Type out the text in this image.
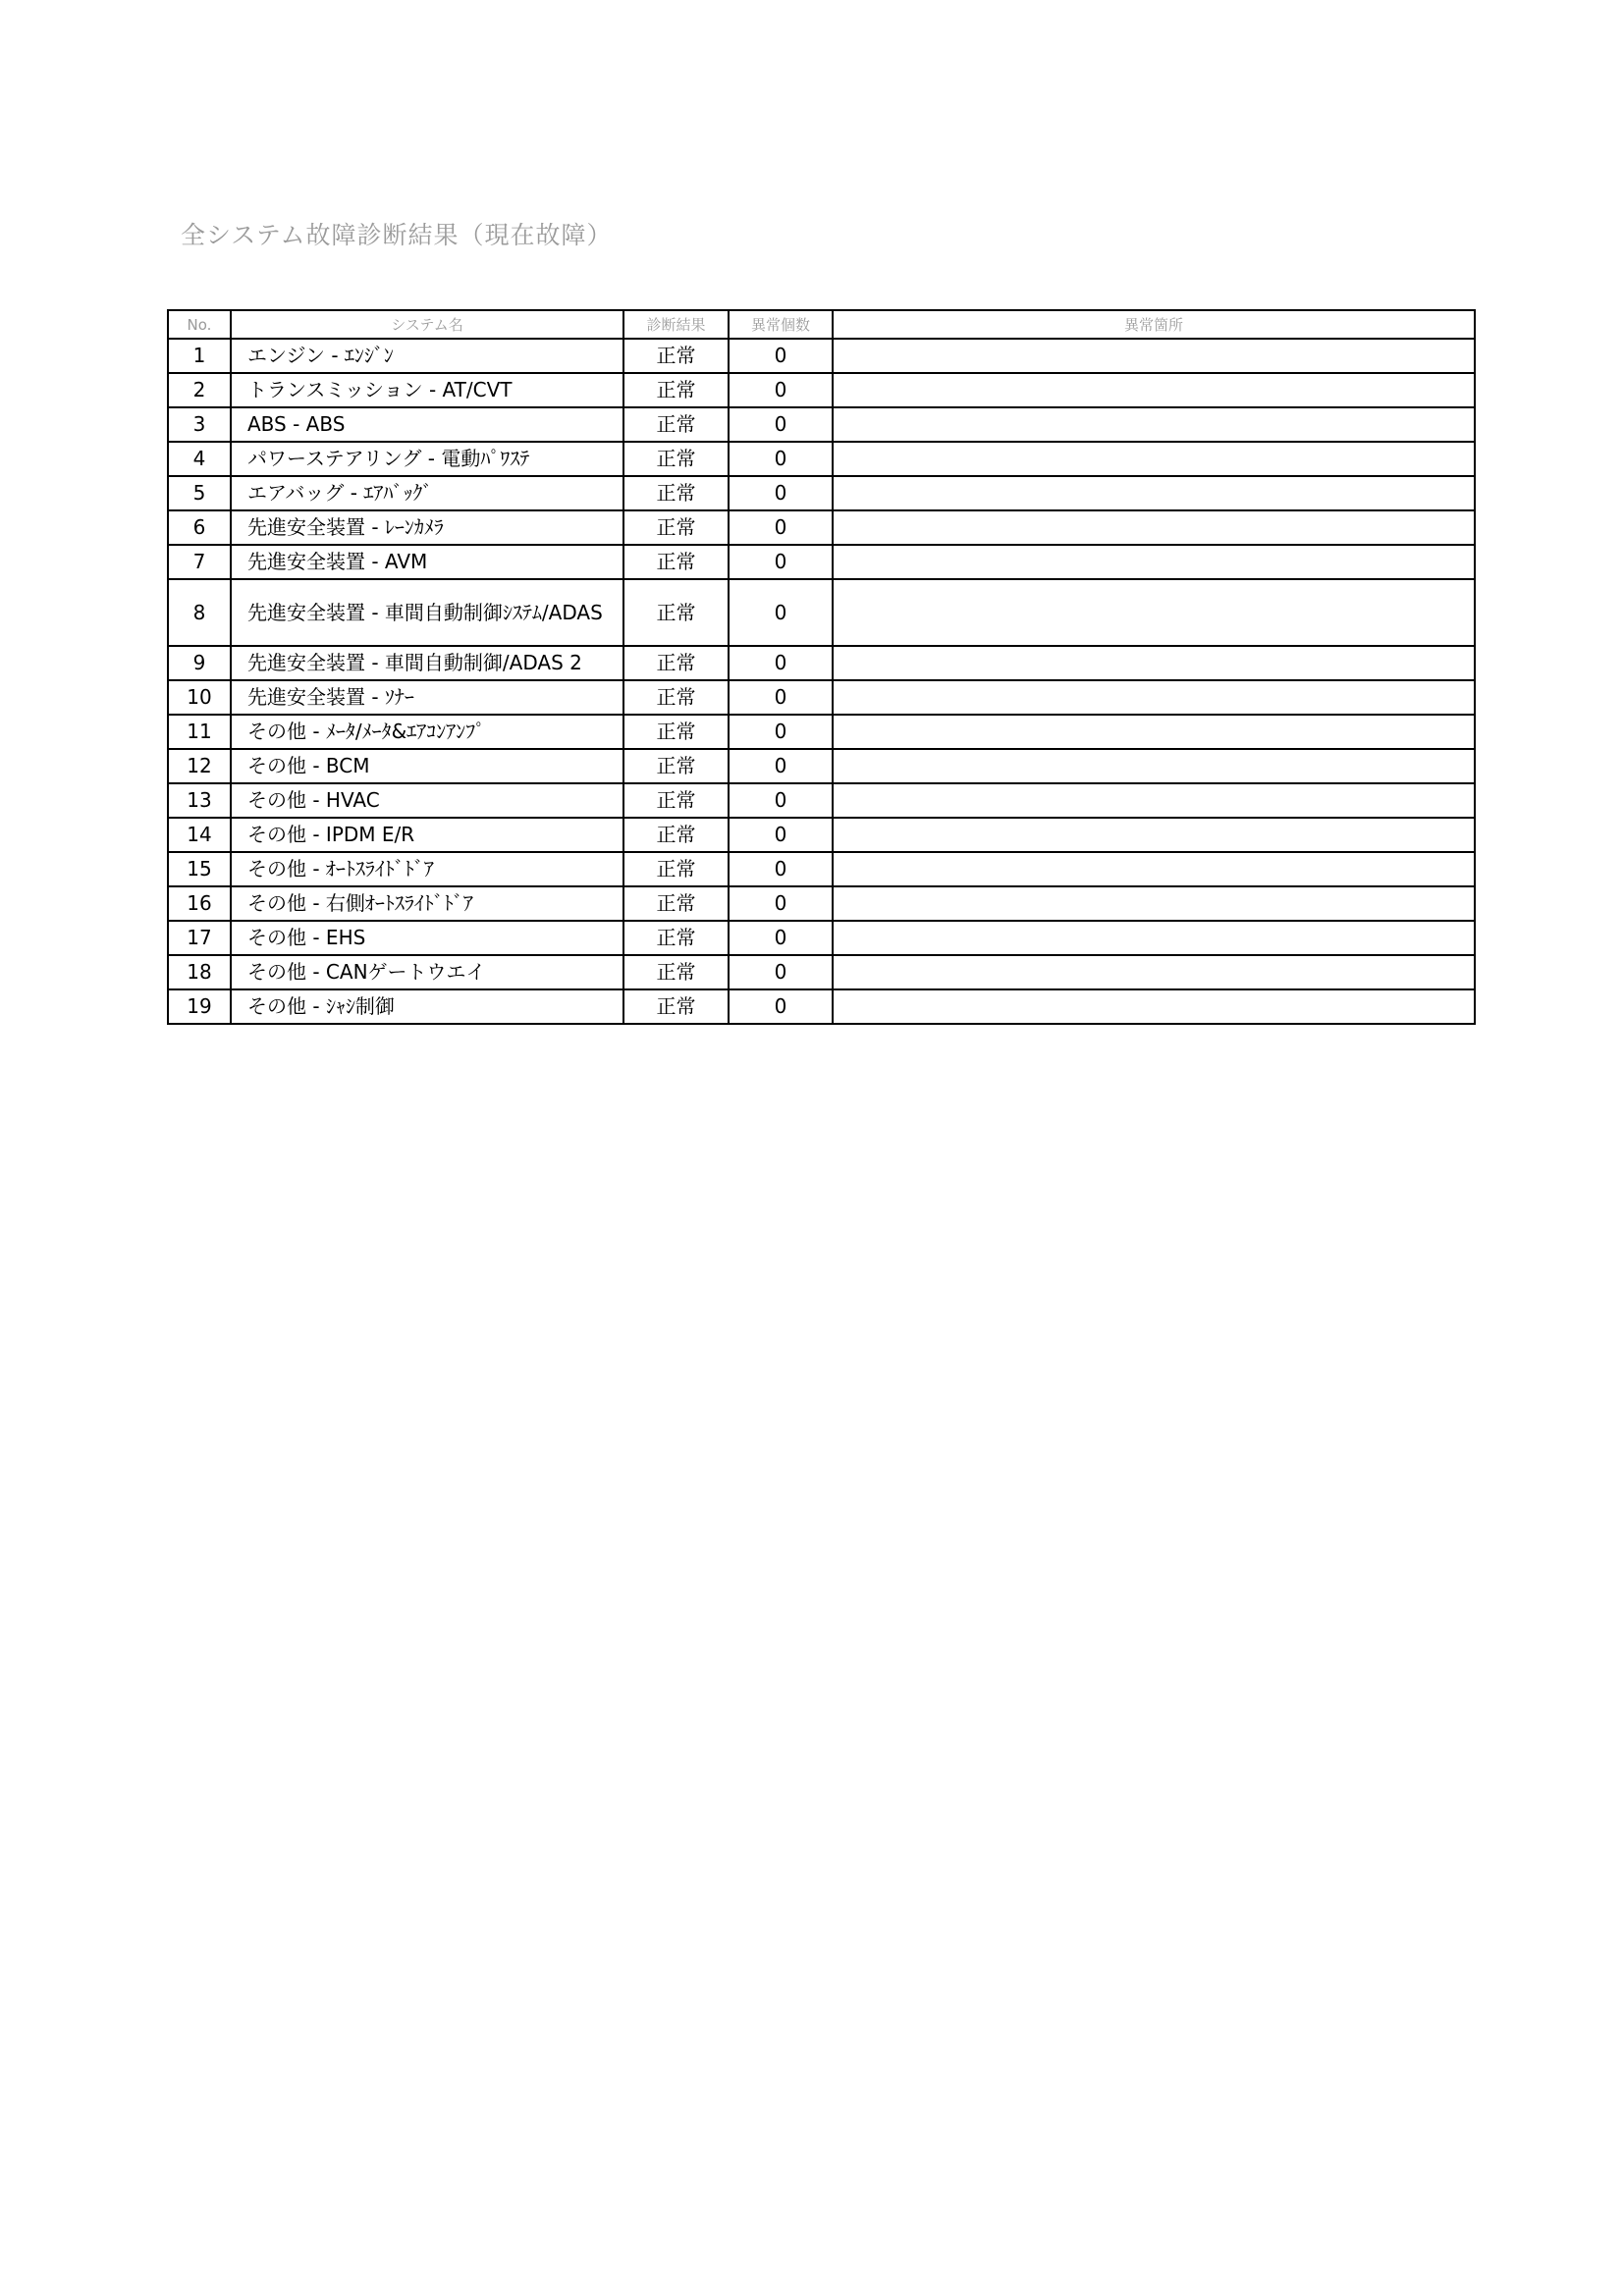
全システム故障診断結果（現在故障）
No.	システム名	診断結果	異常個数	異常箇所
1	エンジン - ｴﾝｼﾞﾝ	正常	0	
2	トランスミッション - AT/CVT	正常	0	
3	ABS - ABS	正常	0	
4	パワーステアリング - 電動ﾊﾟﾜｽﾃ	正常	0	
5	エアバッグ - ｴｱﾊﾞｯｸﾞ	正常	0	
6	先進安全装置 - ﾚｰﾝｶﾒﾗ	正常	0	
7	先進安全装置 - AVM	正常	0	
8	先進安全装置 - 車間自動制御ｼｽﾃﾑ/ADAS	正常	0	
9	先進安全装置 - 車間自動制御/ADAS 2	正常	0	
10	先進安全装置 - ｿﾅｰ	正常	0	
11	その他 - ﾒｰﾀ/ﾒｰﾀ&ｴｱｺﾝｱﾝﾌﾟ	正常	0	
12	その他 - BCM	正常	0	
13	その他 - HVAC	正常	0	
14	その他 - IPDM E/R	正常	0	
15	その他 - ｵｰﾄｽﾗｲﾄﾞﾄﾞｱ	正常	0	
16	その他 - 右側ｵｰﾄｽﾗｲﾄﾞﾄﾞｱ	正常	0	
17	その他 - EHS	正常	0	
18	その他 - CANゲートウエイ	正常	0	
19	その他 - ｼｬｼ制御	正常	0	
